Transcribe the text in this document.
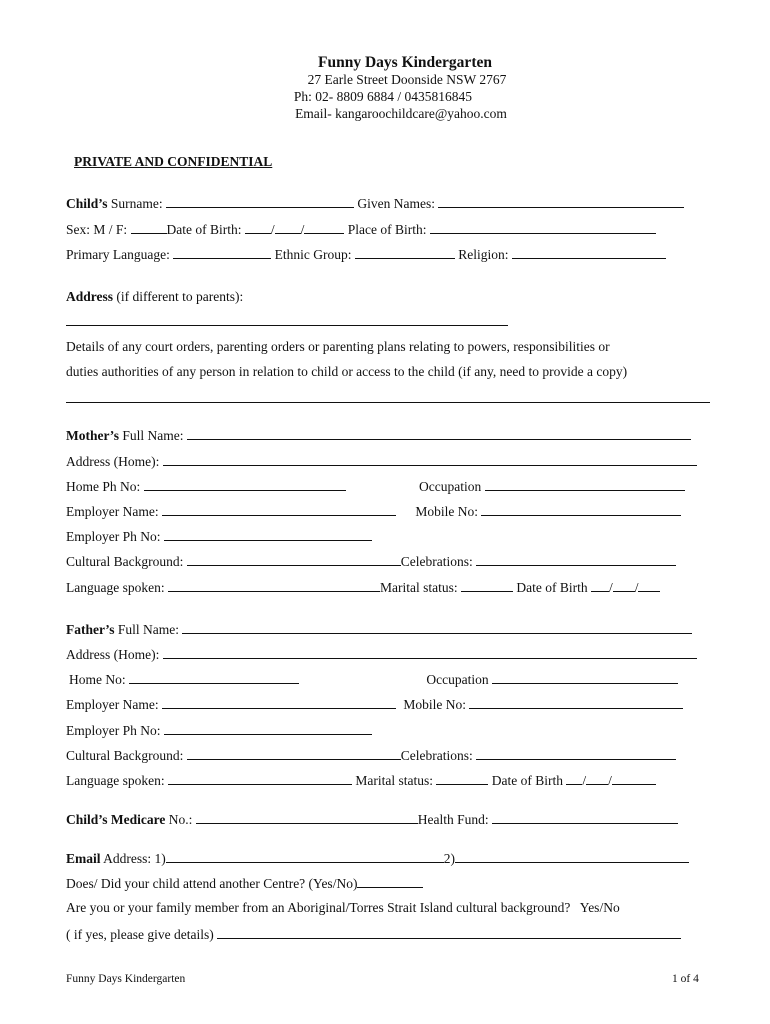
Funny Days Kindergarten
27 Earle Street Doonside NSW 2767
Ph: 02- 8809 6884 / 0435816845
Email- kangaroochildcare@yahoo.com
PRIVATE AND CONFIDENTIAL
Child’s Surname:	Given Names:
Sex: M / F:	Date of Birth: / /	Place of Birth:
Primary Language:	Ethnic Group:	Religion:
Address (if different to parents):
Details of any court orders, parenting orders or parenting plans relating to powers, responsibilities or
duties authorities of any person in relation to child or access to the child (if any, need to provide a copy)
Mother’s Full Name:
Address (Home):
Home Ph No:	Occupation
Employer Name:	Mobile No:
Employer Ph No:
Cultural Background:	Celebrations:
Language spoken:	Marital status:	Date of Birth / /
Father’s Full Name:
Address (Home):
Home No:	Occupation
Employer Name:	Mobile No:
Employer Ph No:
Cultural Background:	Celebrations:
Language spoken:	Marital status:	Date of Birth / /
Child’s Medicare No.:	Health Fund:
Email Address: 1)	2)
Does/ Did your child attend another Centre? (Yes/No)
Are you or your family member from an Aboriginal/Torres Strait Island cultural background? Yes/No
( if yes, please give details)
Funny Days Kindergarten	1 of 4
